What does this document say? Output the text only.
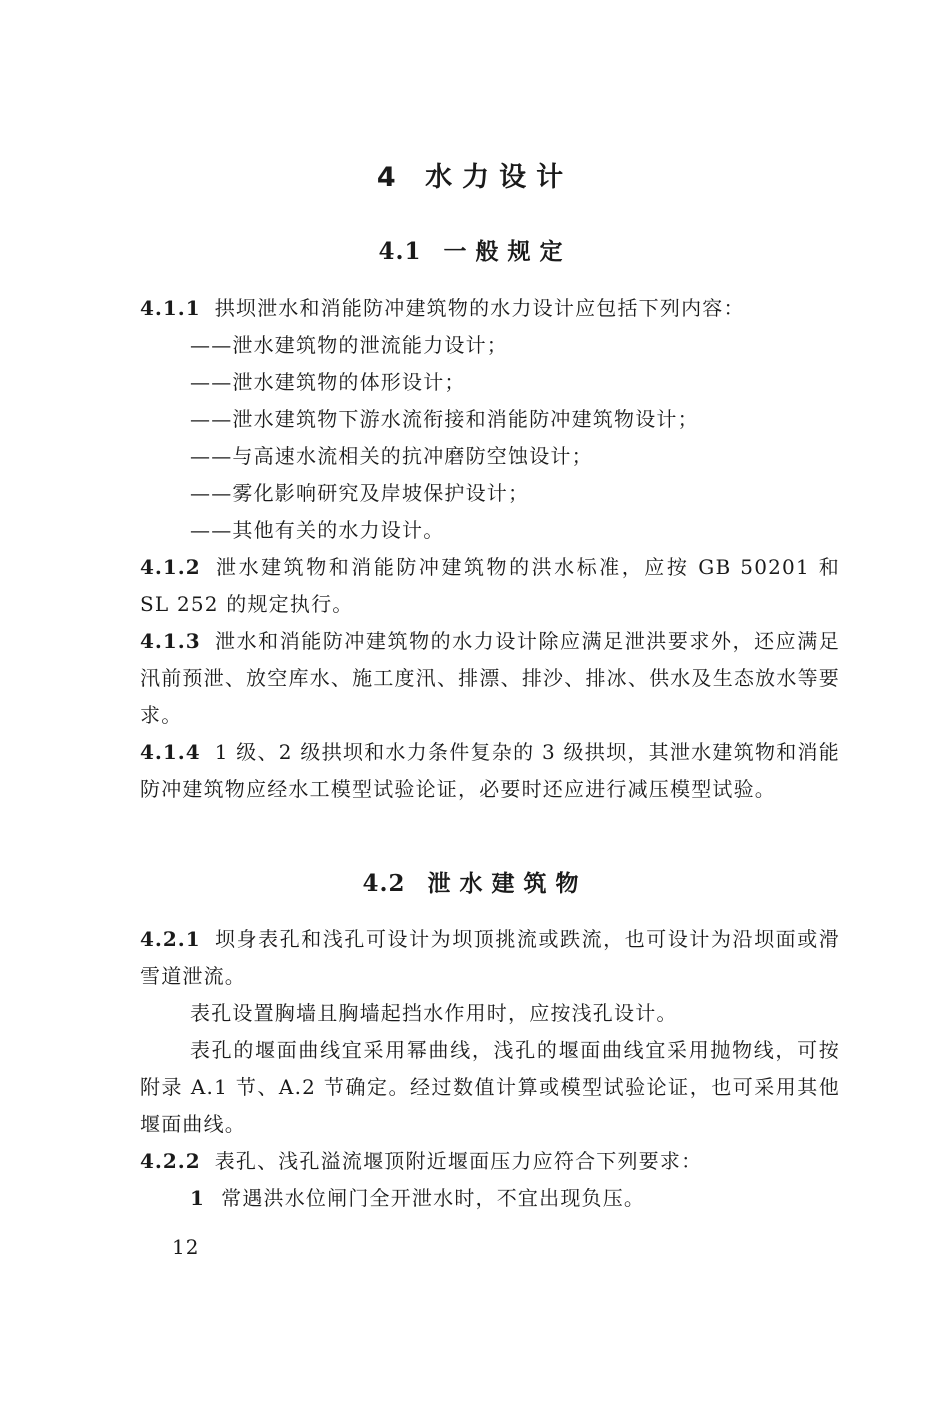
4 水力设计
4.1 一般规定

4.1.1 拱坝泄水和消能防冲建筑物的水力设计应包括下列内容：

——泄水建筑物的泄流能力设计；

——泄水建筑物的体形设计；

——泄水建筑物下游水流衔接和消能防冲建筑物设计；

——与高速水流相关的抗冲磨防空蚀设计；

——雾化影响研究及岸坡保护设计；

——其他有关的水力设计。

4.1.2 泄水建筑物和消能防冲建筑物的洪水标准，应按 GB 50201 和 SL 252 的规定执行。

4.1.3 泄水和消能防冲建筑物的水力设计除应满足泄洪要求外，还应满足汛前预泄、放空库水、施工度汛、排漂、排沙、排冰、供水及生态放水等要求。

4.1.4 1 级、2 级拱坝和水力条件复杂的 3 级拱坝，其泄水建筑物和消能防冲建筑物应经水工模型试验论证，必要时还应进行减压模型试验。

4.2 泄水建筑物

4.2.1 坝身表孔和浅孔可设计为坝顶挑流或跌流，也可设计为沿坝面或滑雪道泄流。

表孔设置胸墙且胸墙起挡水作用时，应按浅孔设计。

表孔的堰面曲线宜采用幂曲线，浅孔的堰面曲线宜采用抛物线，可按附录 A.1 节、A.2 节确定。经过数值计算或模型试验论证，也可采用其他堰面曲线。

4.2.2 表孔、浅孔溢流堰顶附近堰面压力应符合下列要求：

1 常遇洪水位闸门全开泄水时，不宜出现负压。

12
